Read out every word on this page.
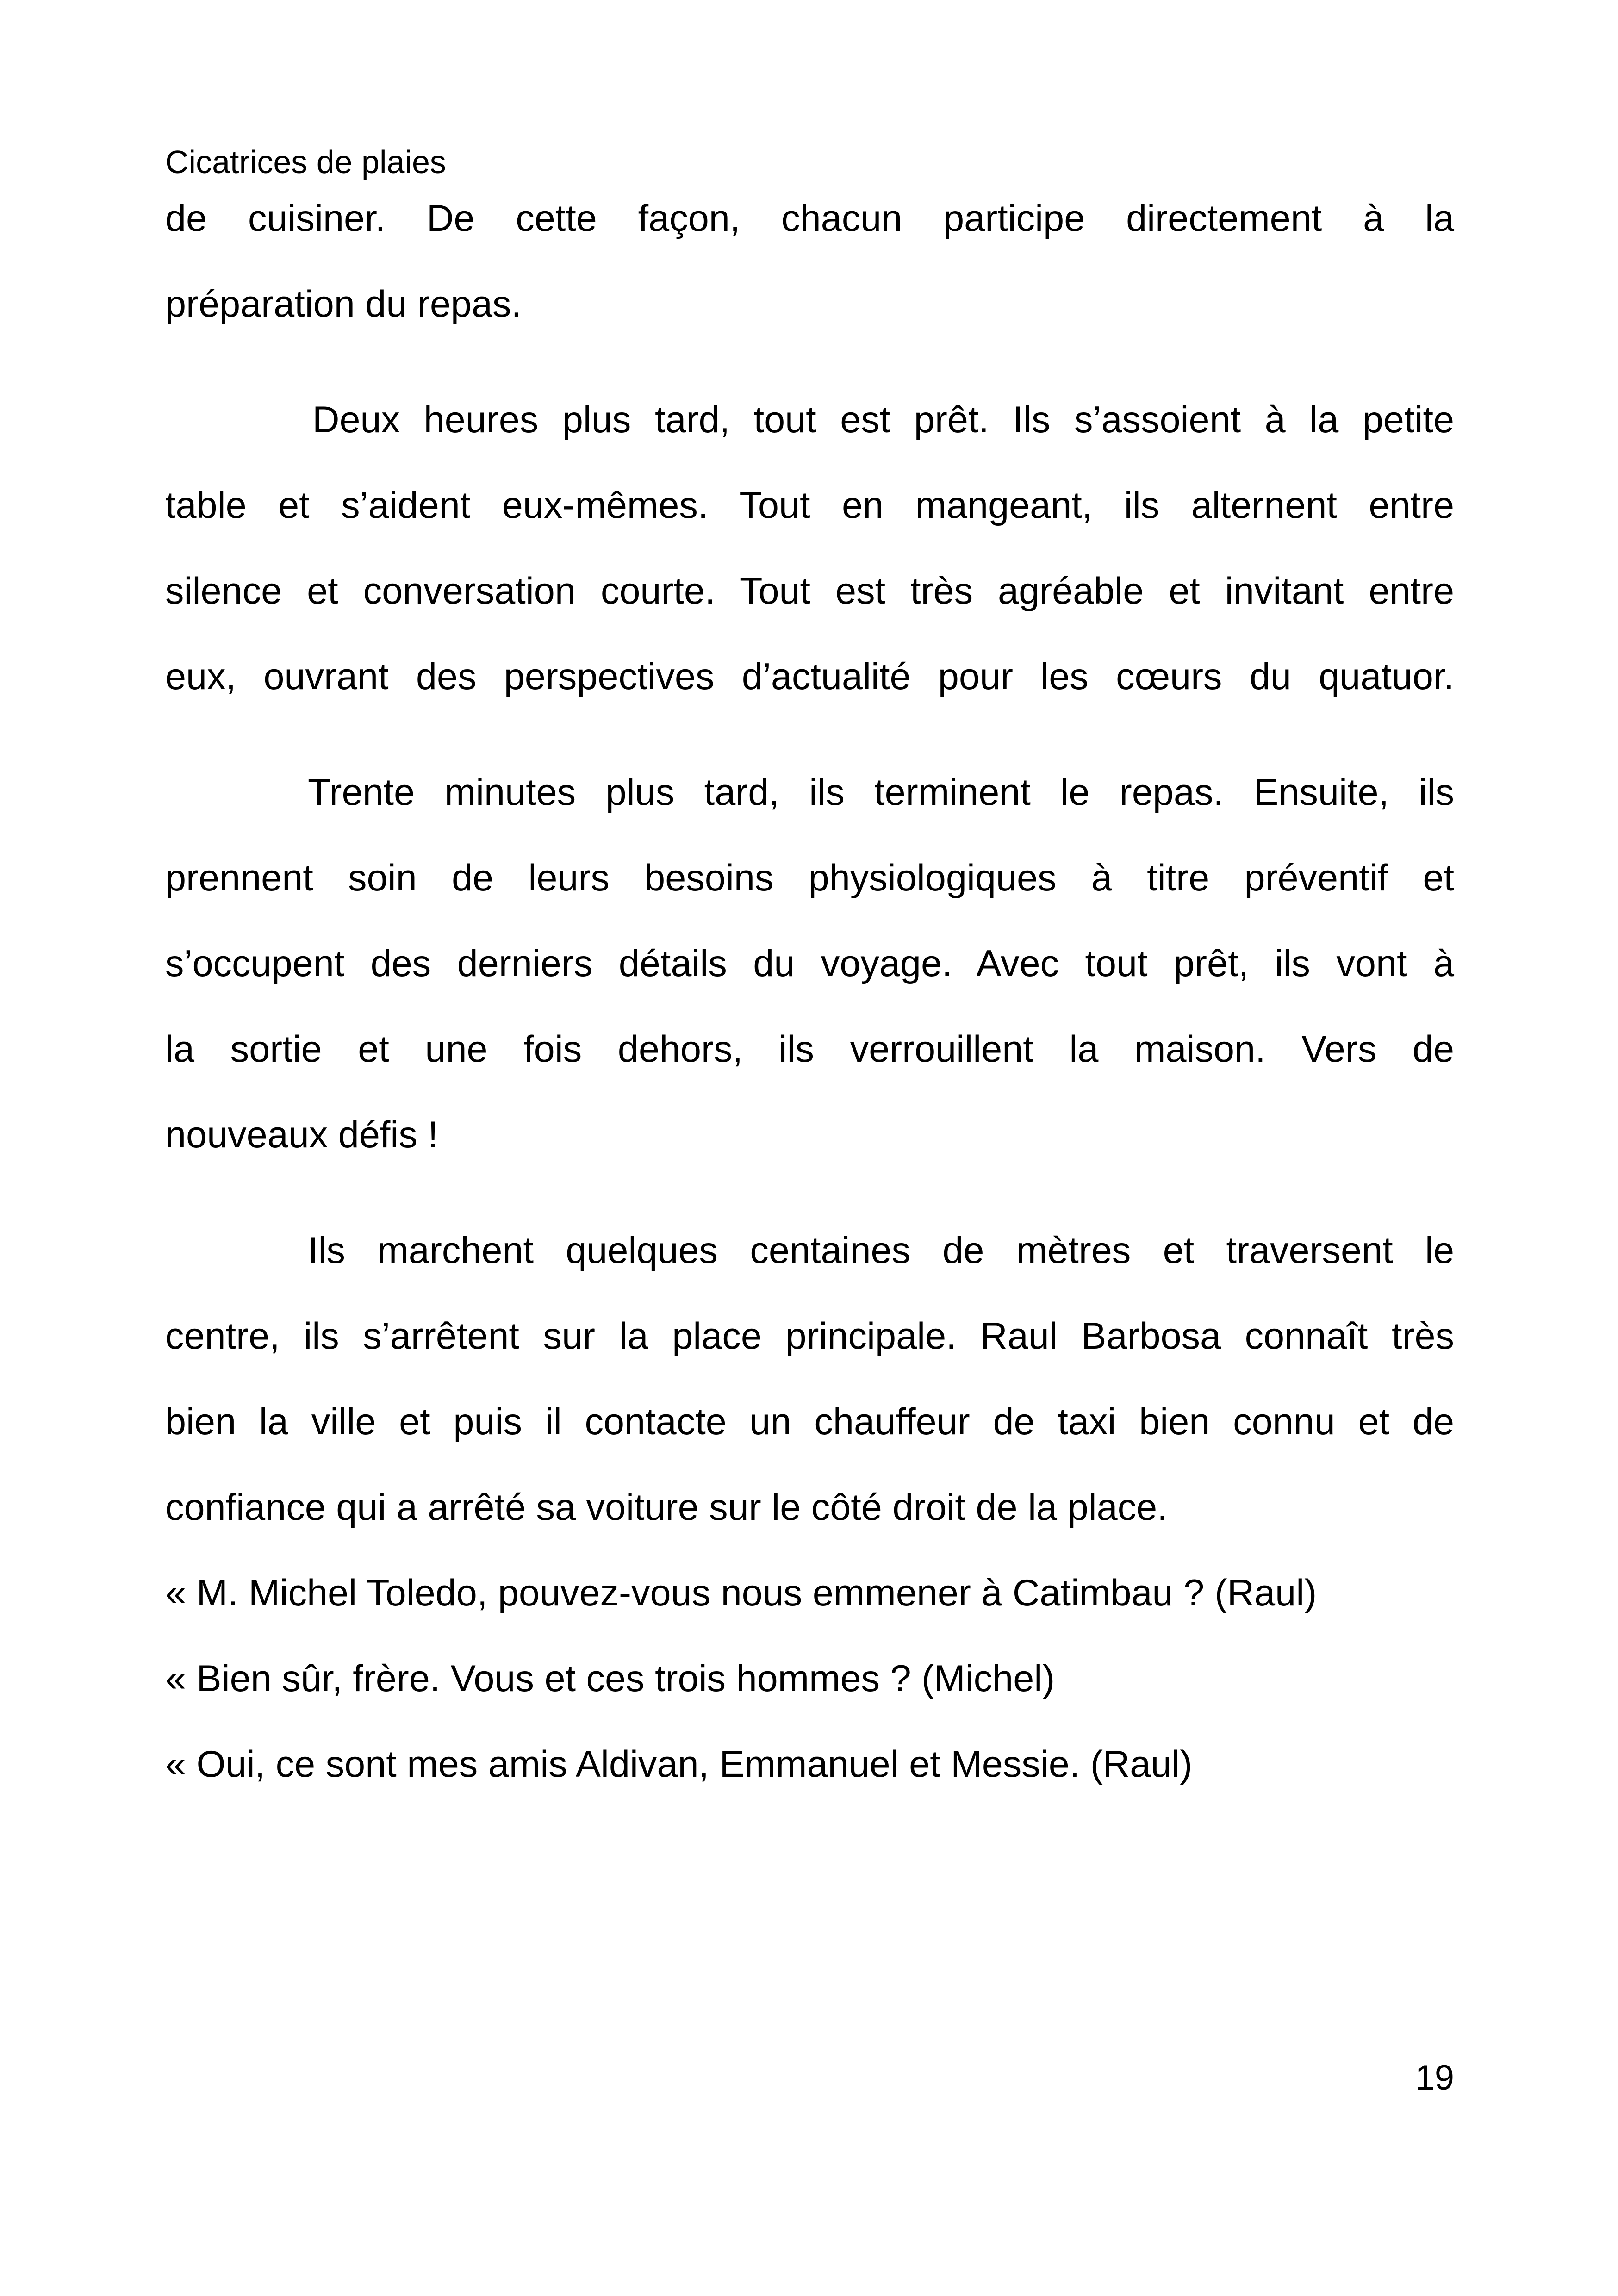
Cicatrices de plaies

de cuisiner. De cette façon, chacun participe directement à la
préparation du repas.
Deux heures plus tard, tout est prêt. Ils s’assoient à la petite
table et s’aident eux-mêmes. Tout en mangeant, ils alternent entre
silence et conversation courte. Tout est très agréable et invitant entre
eux, ouvrant des perspectives d’actualité pour les cœurs du quatuor.
Trente minutes plus tard, ils terminent le repas. Ensuite, ils
prennent soin de leurs besoins physiologiques à titre préventif et
s’occupent des derniers détails du voyage. Avec tout prêt, ils vont à
la sortie et une fois dehors, ils verrouillent la maison. Vers de
nouveaux défis !
Ils marchent quelques centaines de mètres et traversent le
centre, ils s’arrêtent sur la place principale. Raul Barbosa connaît très
bien la ville et puis il contacte un chauffeur de taxi bien connu et de
confiance qui a arrêté sa voiture sur le côté droit de la place.
« M. Michel Toledo, pouvez-vous nous emmener à Catimbau ? (Raul)
« Bien sûr, frère. Vous et ces trois hommes ? (Michel)
« Oui, ce sont mes amis Aldivan, Emmanuel et Messie. (Raul)

19
